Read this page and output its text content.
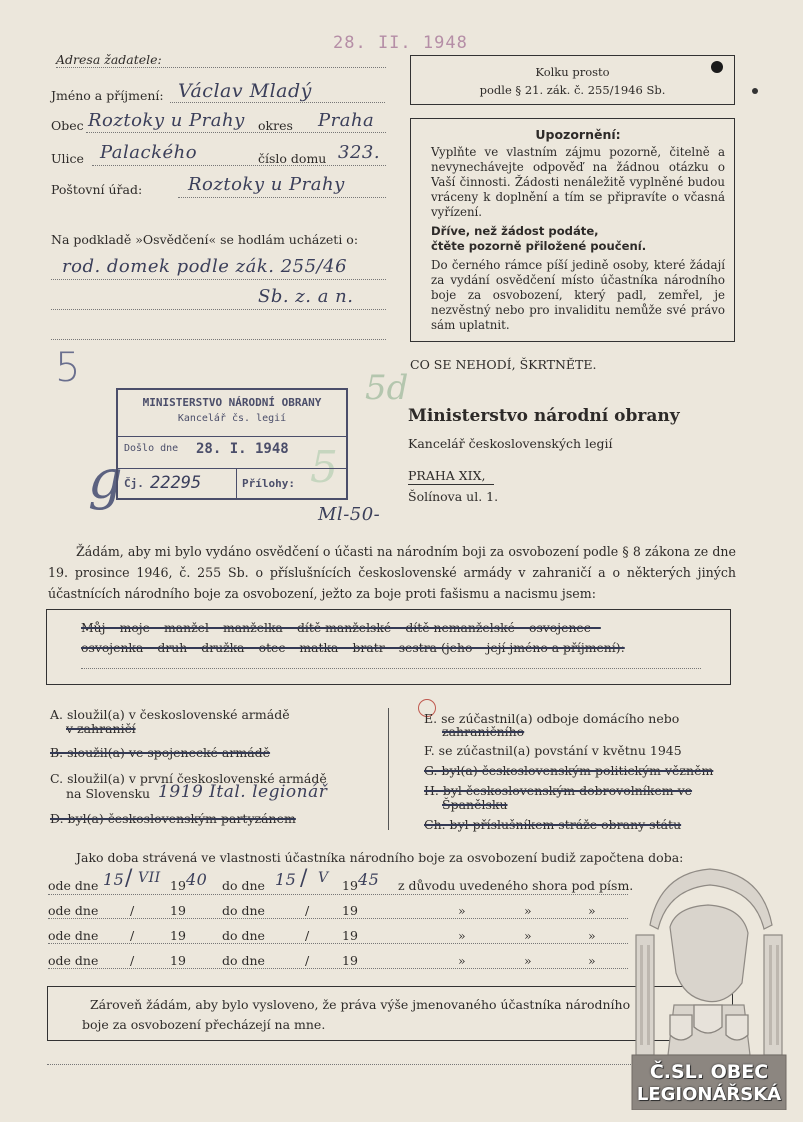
28. II. 1948
Adresa žadatele:
Jméno a příjmení: Václav Mladý
Obec Roztoky u Prahy okres Praha
Ulice Palackého	číslo domu 323.
Poštovní úřad:	Roztoky u Prahy
Na podkladě »Osvědčení« se hodlám ucházeti o:
rod. domek podle zák. 255/46
Sb. z. a n.
Kolku prosto
podle § 21. zák. č. 255/1946 Sb.
Upozornění:

Vyplňte ve vlastním zájmu pozorně, čitelně a nevynechávejte odpověď na žádnou otázku o Vaší činnosti. Žádosti nenáležitě vyplněné budou vráceny k doplnění a tím se připravíte o včasná vyřízení.

Dříve, než žádost podáte,
čtěte pozorně přiložené poučení.

Do černého rámce píší jedině osoby, které žádají za vydání osvědčení místo účastníka národního boje za osvobození, který padl, zemřel, je nezvěstný nebo pro invaliditu nemůže své právo sám uplatnit.

CO SE NEHODÍ, ŠKRTNĚTE.
5	5d
5
g
MINISTERSTVO NÁRODNÍ OBRANY
Kancelář čs. legií
Došlo dne 28. I. 1948
Čj. 22295	Přílohy:
Ml-50-
Ministerstvo národní obrany
Kancelář československých legií
PRAHA XIX,
Šolínova ul. 1.
Žádám, aby mi bylo vydáno osvědčení o účasti na národním boji za osvobození podle § 8 zákona ze dne 19. prosince 1946, č. 255 Sb. o příslušnících československé armády v zahraničí a o některých jiných účastnících národního boje za osvobození, ježto za boje proti fašismu a nacismu jsem:
Můj – moje – manžel – manželka – dítě manželské – dítě nemanželské – osvojenec –
osvojenka – druh – družka – otec – matka – bratr – sestra (jeho – její jméno a příjmení):
A. sloužil(a) v československé armádě
v zahraničí
B. sloužil(a) ve spojenecké armádě
C. sloužil(a) v první československé armádě
na Slovensku 1919 Ital. legionář
D. byl(a) československým partyzánem
E. se zúčastnil(a) odboje domácího nebo
zahraničního
F. se zúčastnil(a) povstání v květnu 1945
G. byl(a) československým politickým vězněm
H. byl československým dobrovolníkem ve
Španělsku
Ch. byl příslušníkem stráže obrany státu
Jako doba strávená ve vlastnosti účastníka národního boje za osvobození budiž započtena doba:
ode dne 15 / VII 19 40 do dne 15 / V 19 45 z důvodu uvedeného shora pod písm.
ode dne	/	19	do dne	/	19	»	»	»
ode dne	/	19	do dne	/	19	»	»	»
ode dne	/	19	do dne	/	19	»	»	»
Zároveň žádám, aby bylo vysloveno, že práva výše jmenovaného účastníka národního
boje za osvobození přecházejí na mne.
Č.SL. OBEC
LEGIONÁŘSKÁ
